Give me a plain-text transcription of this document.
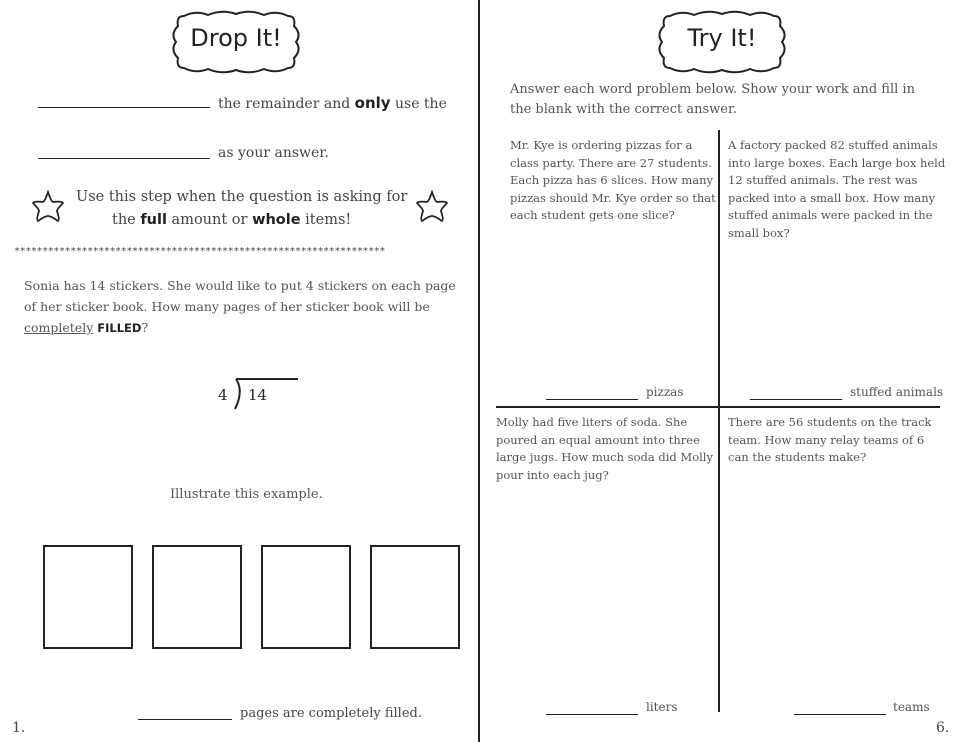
Drop It!
the remainder and only use the
as your answer.
Use this step when the question is asking for
the full amount or whole items!
******************************************************************
Sonia has 14 stickers. She would like to put 4 stickers on each page
of her sticker book. How many pages of her sticker book will be
completely FILLED?
4 14
Illustrate this example.
pages are completely filled.
1.
Try It!
Answer each word problem below. Show your work and fill in the blank with the correct answer.
Mr. Kye is ordering pizzas for a class party. There are 27 students. Each pizza has 6 slices. How many pizzas should Mr. Kye order so that each student gets one slice?
pizzas
A factory packed 82 stuffed animals into large boxes. Each large box held 12 stuffed animals. The rest was packed into a small box. How many stuffed animals were packed in the small box?
stuffed animals
Molly had five liters of soda. She poured an equal amount into three large jugs. How much soda did Molly pour into each jug?
liters
There are 56 students on the track team. How many relay teams of 6 can the students make?
teams
6.
